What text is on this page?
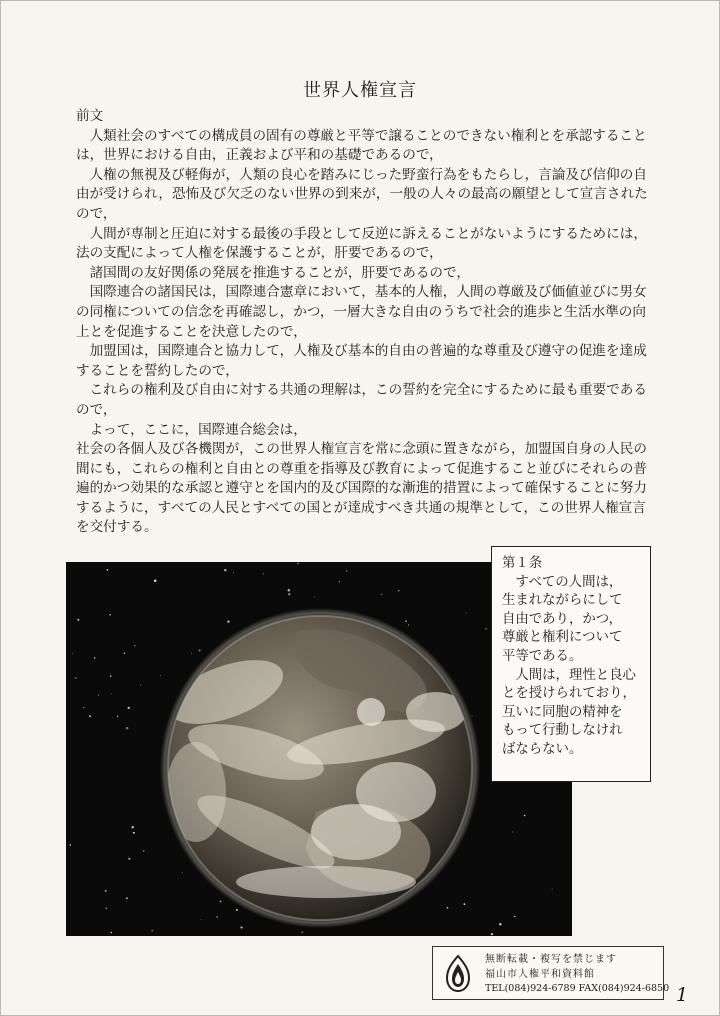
世界人権宣言
前文
　人類社会のすべての構成員の固有の尊厳と平等で譲ることのできない権利とを承認することは，世界における自由，正義および平和の基礎であるので，
　人権の無視及び軽侮が，人類の良心を踏みにじった野蛮行為をもたらし，言論及び信仰の自由が受けられ，恐怖及び欠乏のない世界の到来が，一般の人々の最高の願望として宣言されたので，
　人間が専制と圧迫に対する最後の手段として反逆に訴えることがないようにするためには，法の支配によって人権を保護することが，肝要であるので，
　諸国間の友好関係の発展を推進することが，肝要であるので，
　国際連合の諸国民は，国際連合憲章において，基本的人権，人間の尊厳及び価値並びに男女の同権についての信念を再確認し，かつ，一層大きな自由のうちで社会的進歩と生活水準の向上とを促進することを決意したので，
　加盟国は，国際連合と協力して，人権及び基本的自由の普遍的な尊重及び遵守の促進を達成することを誓約したので，
　これらの権利及び自由に対する共通の理解は，この誓約を完全にするために最も重要であるので，
　よって，ここに，国際連合総会は，
社会の各個人及び各機関が，この世界人権宣言を常に念頭に置きながら，加盟国自身の人民の間にも，これらの権利と自由との尊重を指導及び教育によって促進すること並びにそれらの普遍的かつ効果的な承認と遵守とを国内的及び国際的な漸進的措置によって確保することに努力するように，すべての人民とすべての国とが達成すべき共通の規準として，この世界人権宣言を交付する。
第１条
　すべての人間は，
生まれながらにして
自由であり，かつ，
尊厳と権利について
平等である。
　人間は，理性と良心
とを授けられており，
互いに同胞の精神を
もって行動しなけれ
ばならない。
無断転載・複写を禁じます
福山市人権平和資料館
TEL(084)924-6789 FAX(084)924-6850 1
